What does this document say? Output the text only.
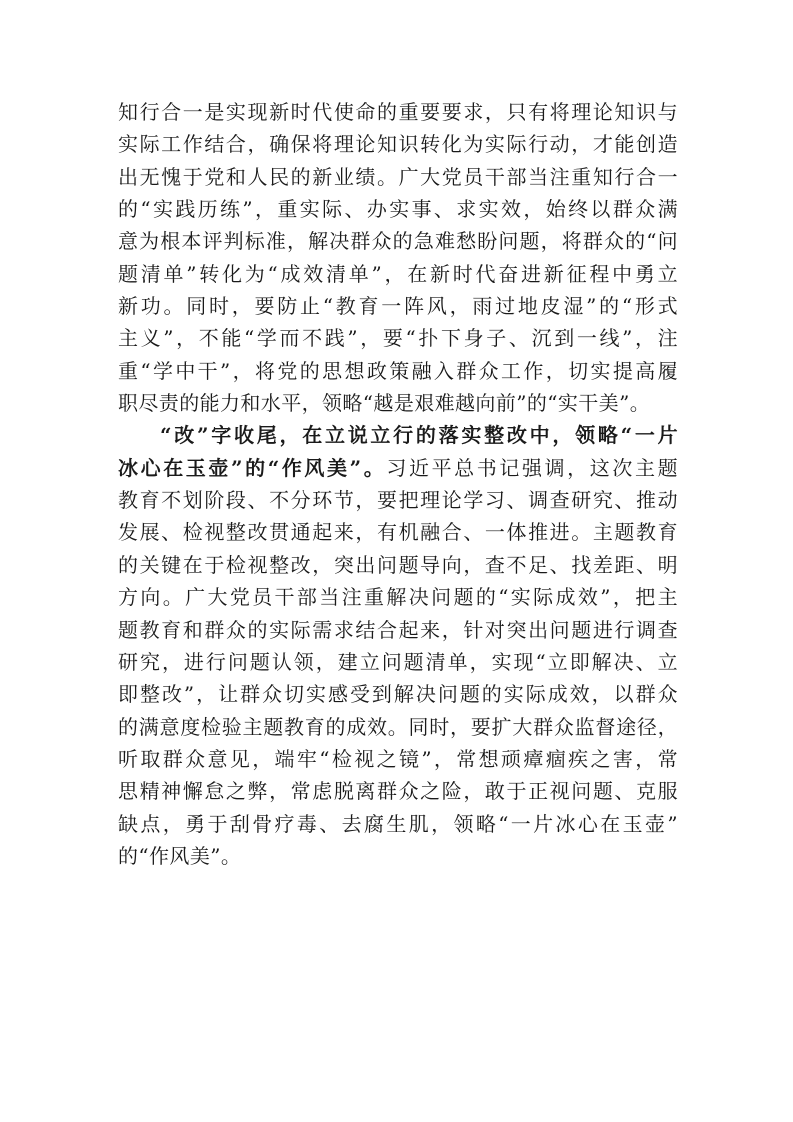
知行合一是实现新时代使命的重要要求，只有将理论知识与
实际工作结合，确保将理论知识转化为实际行动，才能创造
出无愧于党和人民的新业绩。广大党员干部当注重知行合一
的“实践历练”，重实际、办实事、求实效，始终以群众满
意为根本评判标准，解决群众的急难愁盼问题，将群众的“问
题清单”转化为“成效清单”，在新时代奋进新征程中勇立
新功。同时，要防止“教育一阵风，雨过地皮湿”的“形式
主义”，不能“学而不践”，要“扑下身子、沉到一线”，注
重“学中干”，将党的思想政策融入群众工作，切实提高履
职尽责的能力和水平，领略“越是艰难越向前”的“实干美”。
“改”字收尾，在立说立行的落实整改中，领略“一片
冰心在玉壶”的“作风美”。习近平总书记强调，这次主题
教育不划阶段、不分环节，要把理论学习、调查研究、推动
发展、检视整改贯通起来，有机融合、一体推进。主题教育
的关键在于检视整改，突出问题导向，查不足、找差距、明
方向。广大党员干部当注重解决问题的“实际成效”，把主
题教育和群众的实际需求结合起来，针对突出问题进行调查
研究，进行问题认领，建立问题清单，实现“立即解决、立
即整改”，让群众切实感受到解决问题的实际成效，以群众
的满意度检验主题教育的成效。同时，要扩大群众监督途径，
听取群众意见，端牢“检视之镜”，常想顽瘴痼疾之害，常
思精神懈怠之弊，常虑脱离群众之险，敢于正视问题、克服
缺点，勇于刮骨疗毒、去腐生肌，领略“一片冰心在玉壶”
的“作风美”。
